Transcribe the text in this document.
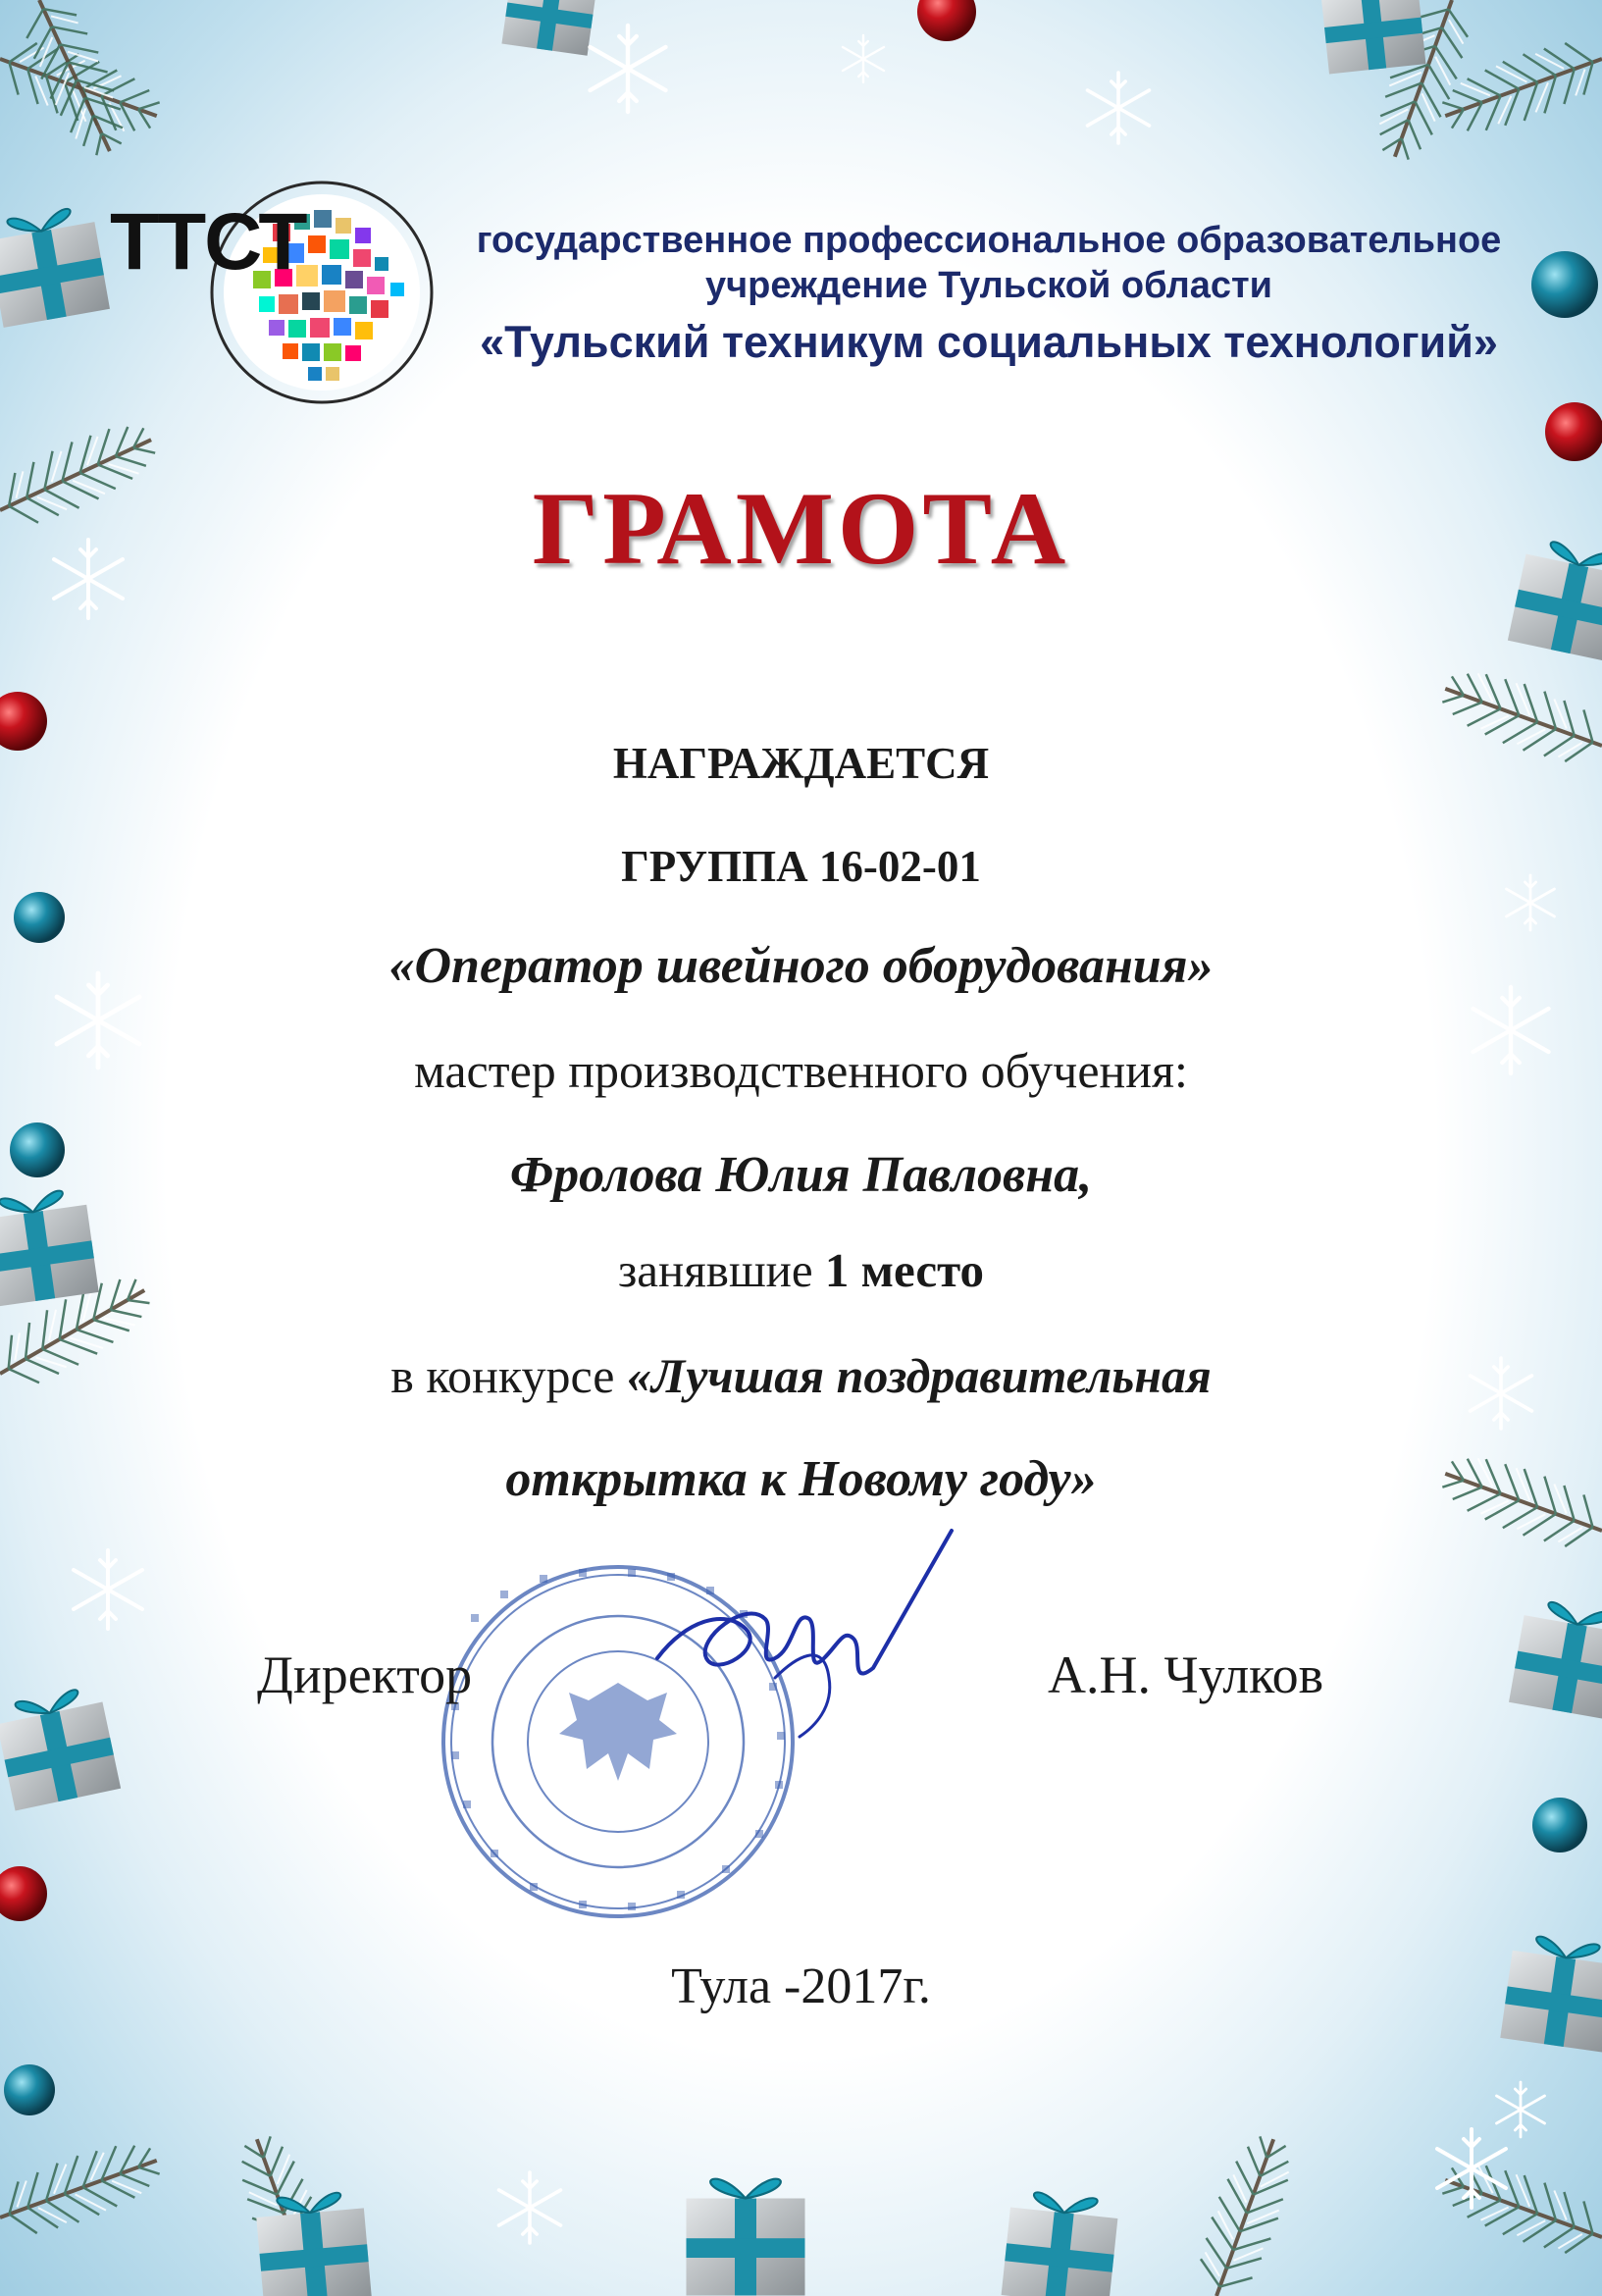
ТТСТ	государственное профессиональное образовательное
учреждение Тульской области
«Тульский техникум социальных технологий»
ГРАМОТА
НАГРАЖДАЕТСЯ
ГРУППА 16-02-01
«Оператор швейного оборудования»
мастер производственного обучения:
Фролова Юлия Павловна,
занявшие 1 место
в конкурсе «Лучшая поздравительная
открытка к Новому году»
Директор	А.Н. Чулков
Тула -2017г.
